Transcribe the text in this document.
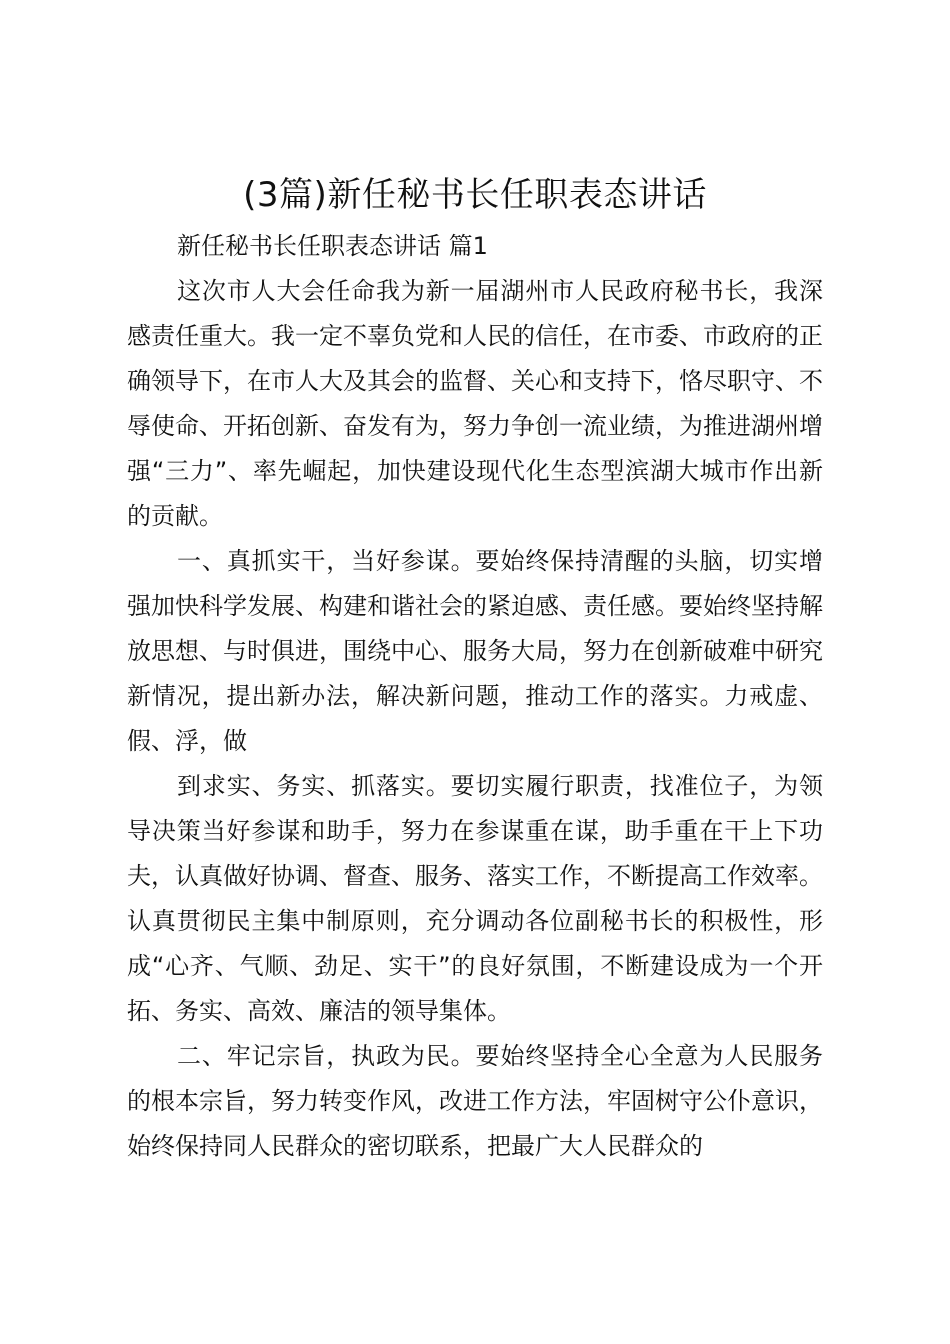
(3篇)新任秘书长任职表态讲话

新任秘书长任职表态讲话 篇1

这次市人大会任命我为新一届湖州市人民政府秘书长，我深感责任重大。我一定不辜负党和人民的信任，在市委、市政府的正确领导下，在市人大及其会的监督、关心和支持下，恪尽职守、不辱使命、开拓创新、奋发有为，努力争创一流业绩，为推进湖州增强“三力”、率先崛起，加快建设现代化生态型滨湖大城市作出新的贡献。

一、真抓实干，当好参谋。要始终保持清醒的头脑，切实增强加快科学发展、构建和谐社会的紧迫感、责任感。要始终坚持解放思想、与时俱进，围绕中心、服务大局，努力在创新破难中研究新情况，提出新办法，解决新问题，推动工作的落实。力戒虚、假、浮，做

到求实、务实、抓落实。要切实履行职责，找准位子，为领导决策当好参谋和助手，努力在参谋重在谋，助手重在干上下功夫，认真做好协调、督查、服务、落实工作，不断提高工作效率。认真贯彻民主集中制原则，充分调动各位副秘书长的积极性，形成“心齐、气顺、劲足、实干”的良好氛围，不断建设成为一个开拓、务实、高效、廉洁的领导集体。

二、牢记宗旨，执政为民。要始终坚持全心全意为人民服务的根本宗旨，努力转变作风，改进工作方法，牢固树守公仆意识，始终保持同人民群众的密切联系，把最广大人民群众的
